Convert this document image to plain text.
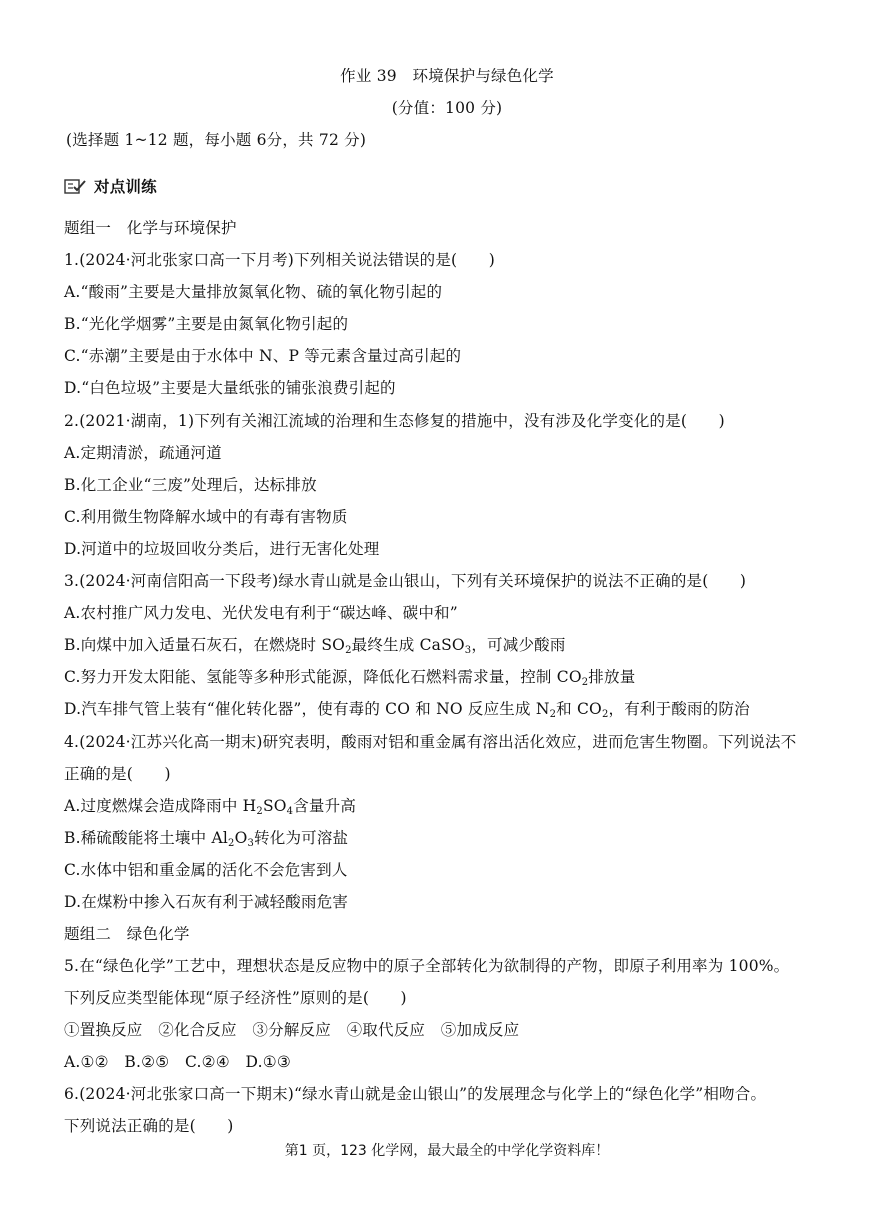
作业 39　环境保护与绿色化学
(分值：100 分)
(选择题 1~12 题，每小题 6分，共 72 分)
对点训练
题组一　化学与环境保护
1.(2024·河北张家口高一下月考)下列相关说法错误的是(　　)
A.“酸雨”主要是大量排放氮氧化物、硫的氧化物引起的
B.“光化学烟雾”主要是由氮氧化物引起的
C.“赤潮”主要是由于水体中 N、P 等元素含量过高引起的
D.“白色垃圾”主要是大量纸张的铺张浪费引起的
2.(2021·湖南，1)下列有关湘江流域的治理和生态修复的措施中，没有涉及化学变化的是(　　)
A.定期清淤，疏通河道
B.化工企业“三废”处理后，达标排放
C.利用微生物降解水域中的有毒有害物质
D.河道中的垃圾回收分类后，进行无害化处理
3.(2024·河南信阳高一下段考)绿水青山就是金山银山，下列有关环境保护的说法不正确的是(　　)
A.农村推广风力发电、光伏发电有利于“碳达峰、碳中和”
B.向煤中加入适量石灰石，在燃烧时 $SO_2$最终生成 CaSO$_3$，可减少酸雨
C.努力开发太阳能、氢能等多种形式能源，降低化石燃料需求量，控制 $CO_2$排放量
D.汽车排气管上装有“催化转化器”，使有毒的 CO 和 NO 反应生成 $N_2$和 $CO_2$，有利于酸雨的防治
4.(2024·江苏兴化高一期末)研究表明，酸雨对铝和重金属有溶出活化效应，进而危害生物圈。下列说法不
正确的是(　　)
A.过度燃煤会造成降雨中 $H_2SO_4$含量升高
B.稀硫酸能将土壤中 $Al_2O_3$转化为可溶盐
C.水体中铝和重金属的活化不会危害到人
D.在煤粉中掺入石灰有利于减轻酸雨危害
题组二　绿色化学
5.在“绿色化学”工艺中，理想状态是反应物中的原子全部转化为欲制得的产物，即原子利用率为 100%。
下列反应类型能体现“原子经济性”原则的是(　　)
①置换反应　②化合反应　③分解反应　④取代反应　⑤加成反应
A.①②　B.②⑤　C.②④　D.①③
6.(2024·河北张家口高一下期末)“绿水青山就是金山银山”的发展理念与化学上的“绿色化学”相吻合。
下列说法正确的是(　　)
第1 页，123 化学网，最大最全的中学化学资料库！
